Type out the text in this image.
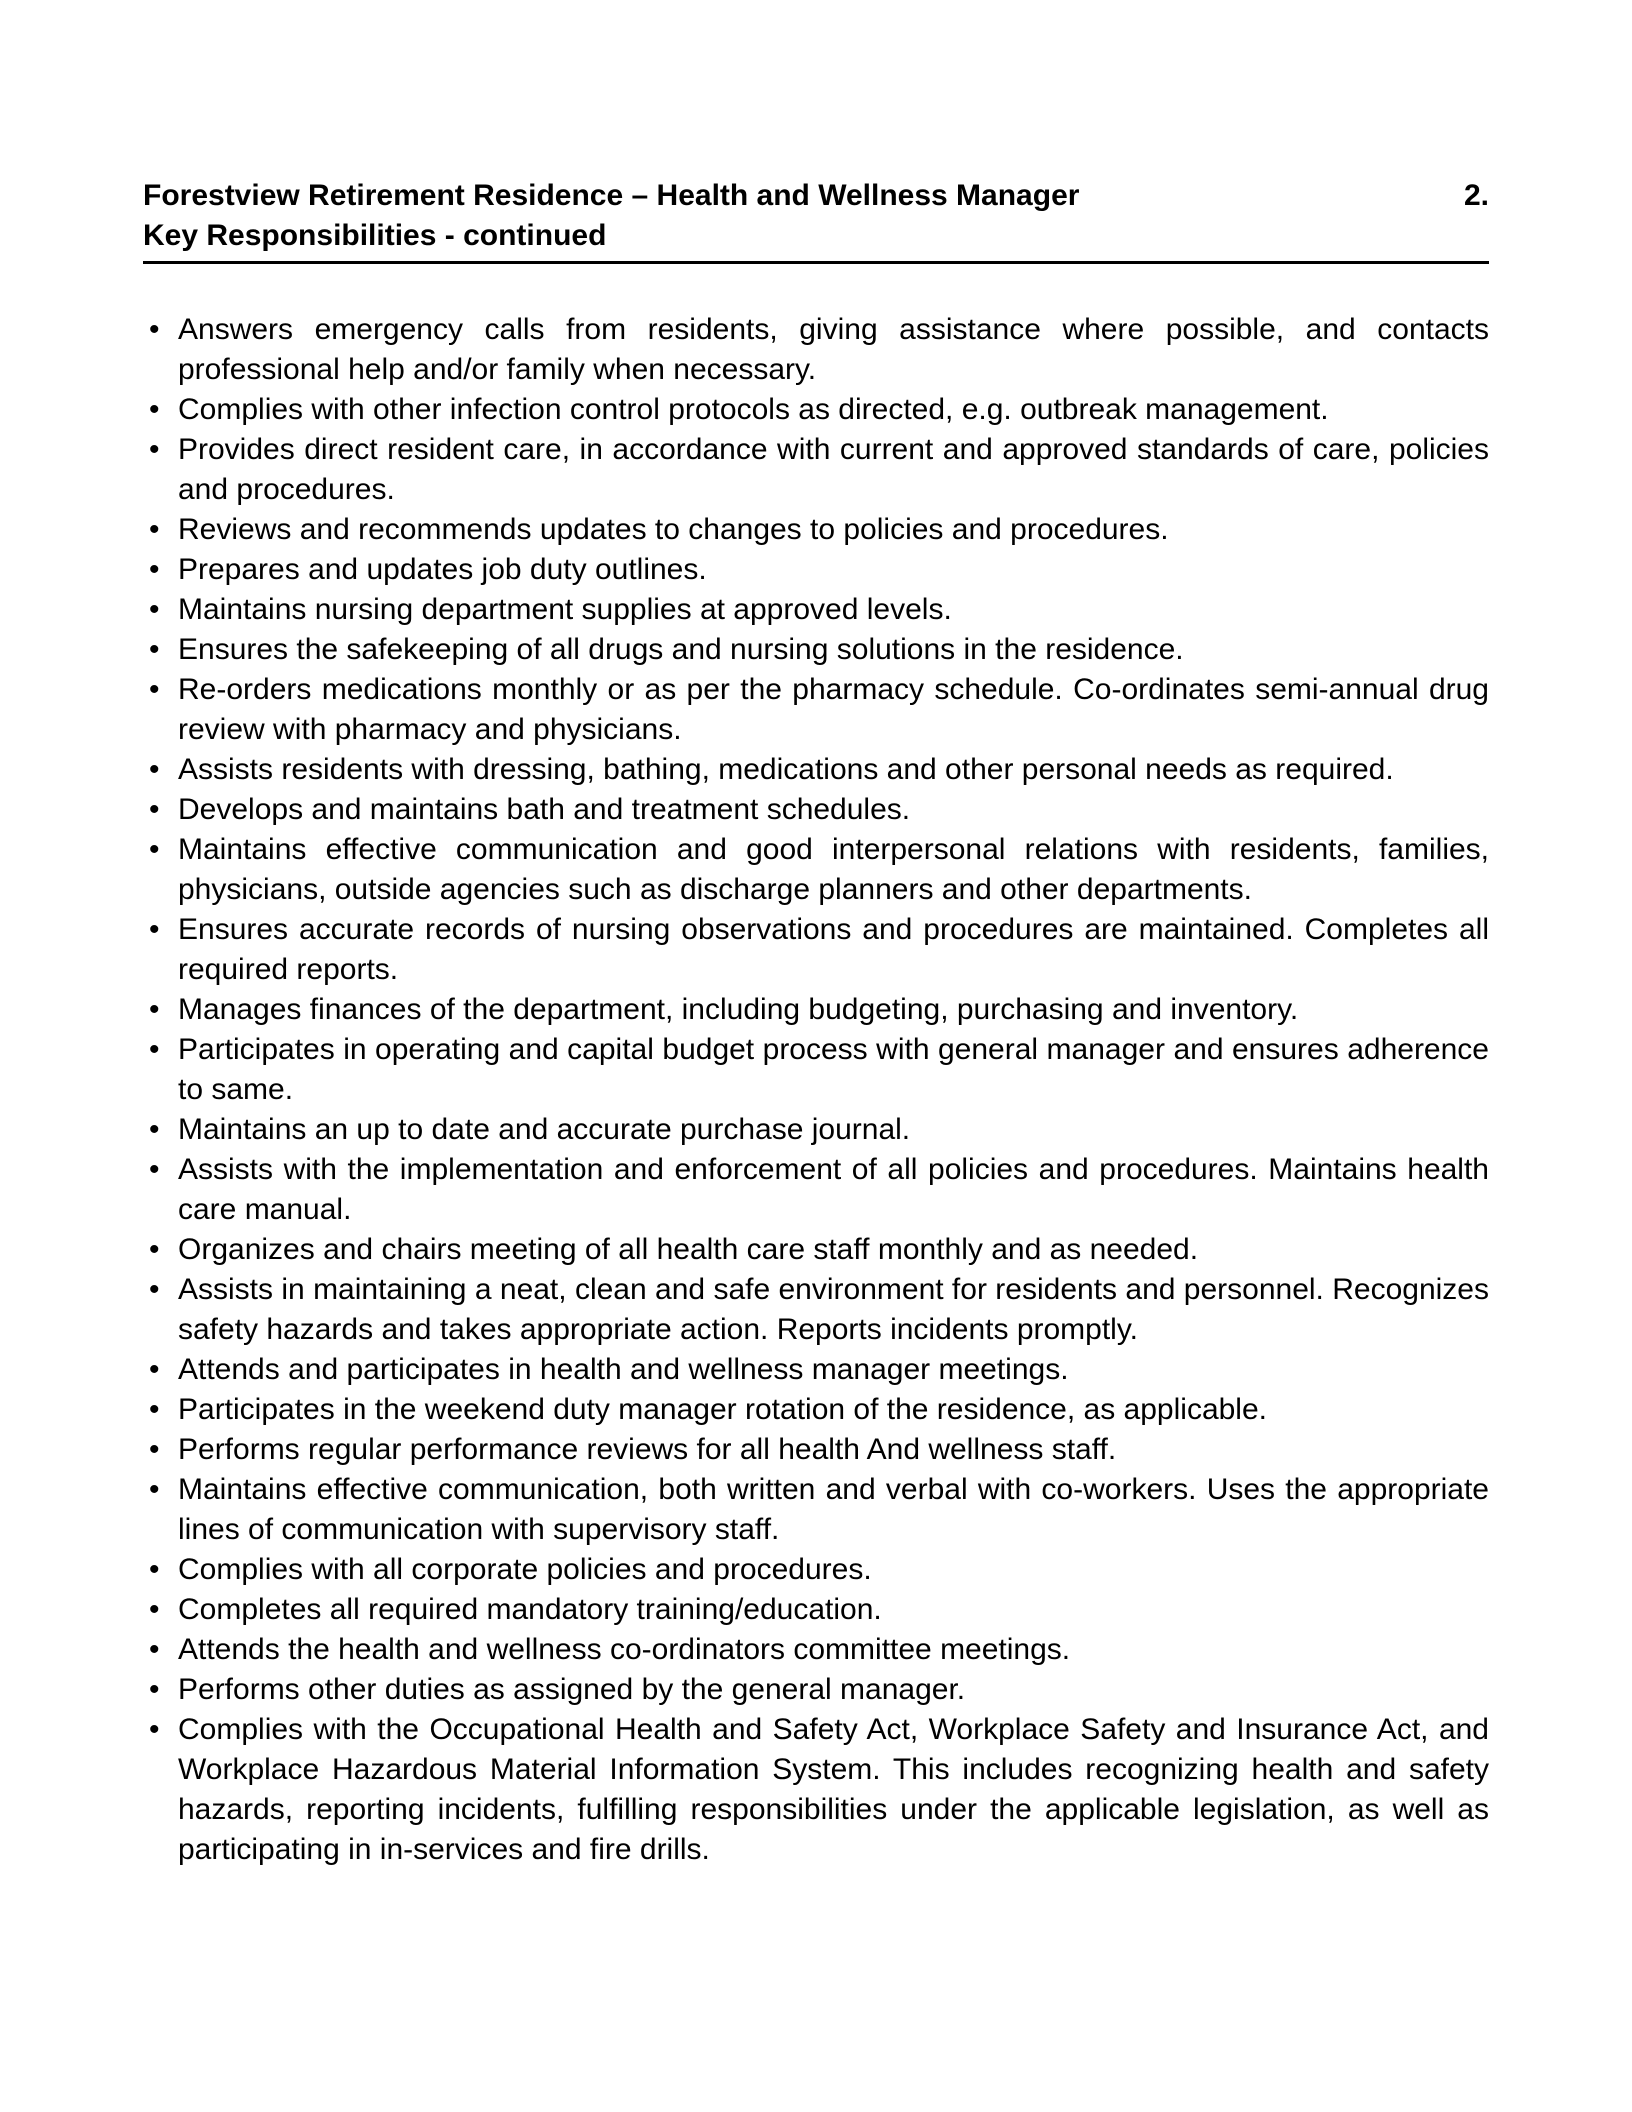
Forestview Retirement Residence – Health and Wellness Manager	2.
Key Responsibilities - continued
• Answers emergency calls from residents, giving assistance where possible, and contacts professional help and/or family when necessary.
• Complies with other infection control protocols as directed, e.g. outbreak management.
• Provides direct resident care, in accordance with current and approved standards of care, policies and procedures.
• Reviews and recommends updates to changes to policies and procedures.
• Prepares and updates job duty outlines.
• Maintains nursing department supplies at approved levels.
• Ensures the safekeeping of all drugs and nursing solutions in the residence.
• Re-orders medications monthly or as per the pharmacy schedule. Co-ordinates semi-annual drug review with pharmacy and physicians.
• Assists residents with dressing, bathing, medications and other personal needs as required.
• Develops and maintains bath and treatment schedules.
• Maintains effective communication and good interpersonal relations with residents, families, physicians, outside agencies such as discharge planners and other departments.
• Ensures accurate records of nursing observations and procedures are maintained. Completes all required reports.
• Manages finances of the department, including budgeting, purchasing and inventory.
• Participates in operating and capital budget process with general manager and ensures adherence to same.
• Maintains an up to date and accurate purchase journal.
• Assists with the implementation and enforcement of all policies and procedures. Maintains health care manual.
• Organizes and chairs meeting of all health care staff monthly and as needed.
• Assists in maintaining a neat, clean and safe environment for residents and personnel. Recognizes safety hazards and takes appropriate action. Reports incidents promptly.
• Attends and participates in health and wellness manager meetings.
• Participates in the weekend duty manager rotation of the residence, as applicable.
• Performs regular performance reviews for all health And wellness staff.
• Maintains effective communication, both written and verbal with co-workers. Uses the appropriate lines of communication with supervisory staff.
• Complies with all corporate policies and procedures.
• Completes all required mandatory training/education.
• Attends the health and wellness co-ordinators committee meetings.
• Performs other duties as assigned by the general manager.
• Complies with the Occupational Health and Safety Act, Workplace Safety and Insurance Act, and Workplace Hazardous Material Information System. This includes recognizing health and safety hazards, reporting incidents, fulfilling responsibilities under the applicable legislation, as well as participating in in-services and fire drills.
